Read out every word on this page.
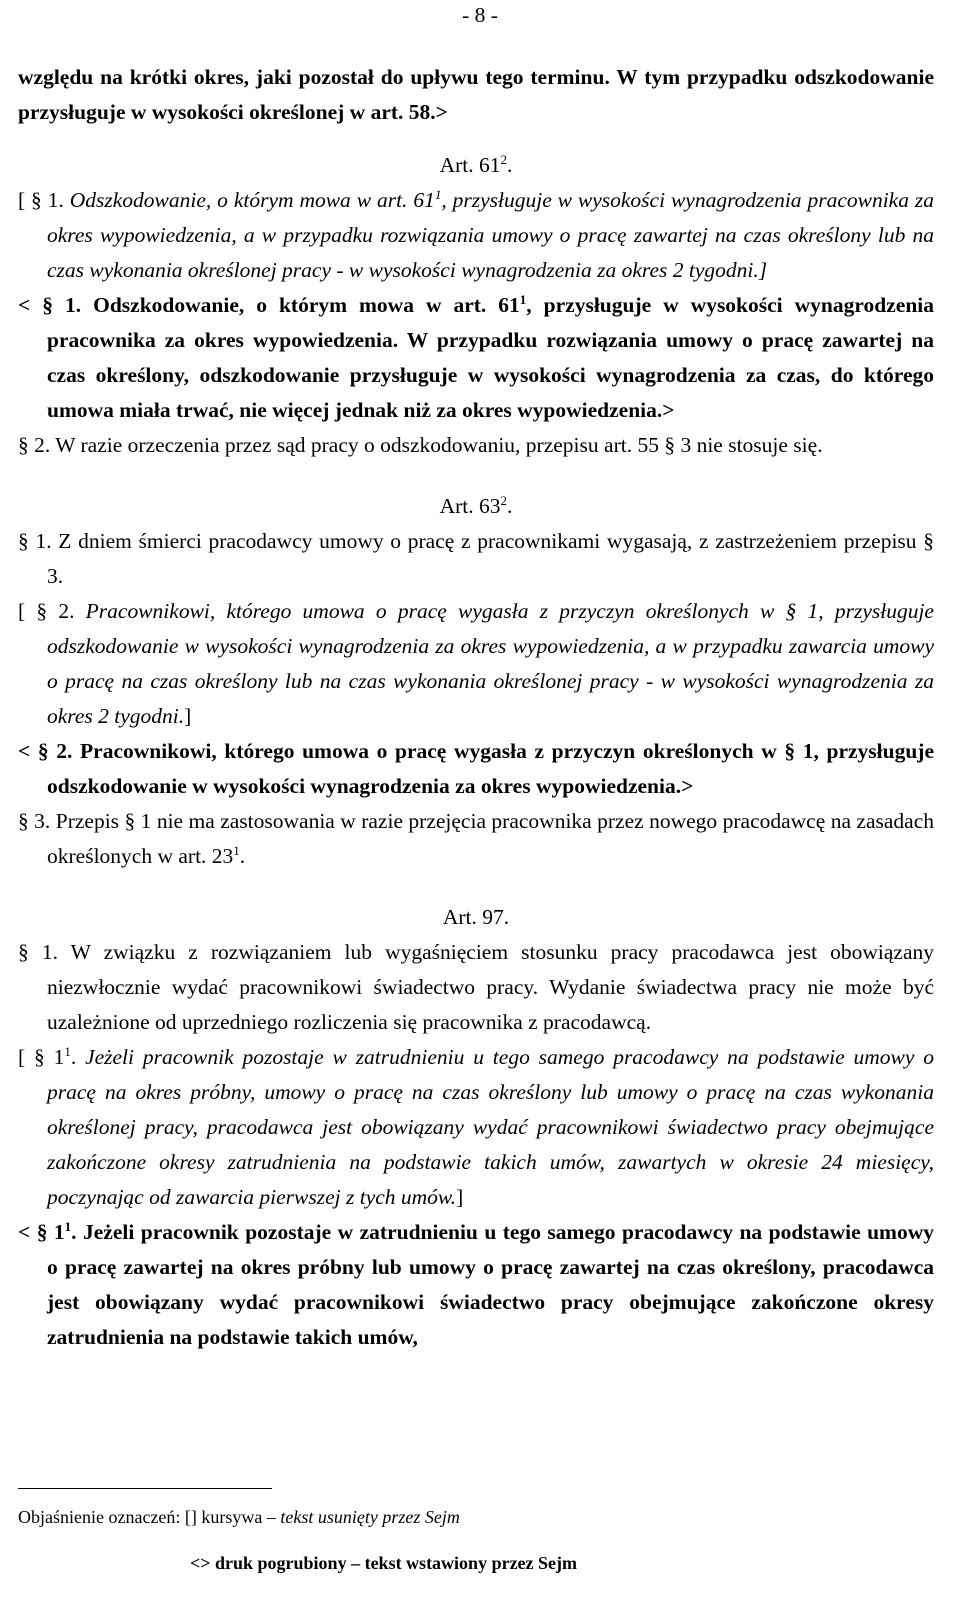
- 8 -

względu na krótki okres, jaki pozostał do upływu tego terminu. W tym przypadku odszkodowanie przysługuje w wysokości określonej w art. 58.>

Art. $61^2$.

[ § 1. Odszkodowanie, o którym mowa w art. $61^1$, przysługuje w wysokości wynagrodzenia pracownika za okres wypowiedzenia, a w przypadku rozwiązania umowy o pracę zawartej na czas określony lub na czas wykonania określonej pracy - w wysokości wynagrodzenia za okres 2 tygodni.]

< § 1. Odszkodowanie, o którym mowa w art. $61^1$, przysługuje w wysokości wynagrodzenia pracownika za okres wypowiedzenia. W przypadku rozwiązania umowy o pracę zawartej na czas określony, odszkodowanie przysługuje w wysokości wynagrodzenia za czas, do którego umowa miała trwać, nie więcej jednak niż za okres wypowiedzenia.>

§ 2. W razie orzeczenia przez sąd pracy o odszkodowaniu, przepisu art. 55 § 3 nie stosuje się.

Art. $63^2$.

§ 1. Z dniem śmierci pracodawcy umowy o pracę z pracownikami wygasają, z zastrzeżeniem przepisu § 3.

[ § 2. Pracownikowi, którego umowa o pracę wygasła z przyczyn określonych w § 1, przysługuje odszkodowanie w wysokości wynagrodzenia za okres wypowiedzenia, a w przypadku zawarcia umowy o pracę na czas określony lub na czas wykonania określonej pracy - w wysokości wynagrodzenia za okres 2 tygodni.]

< § 2. Pracownikowi, którego umowa o pracę wygasła z przyczyn określonych w § 1, przysługuje odszkodowanie w wysokości wynagrodzenia za okres wypowiedzenia.>

§ 3. Przepis § 1 nie ma zastosowania w razie przejęcia pracownika przez nowego pracodawcę na zasadach określonych w art. $23^1$.

Art. 97.

§ 1. W związku z rozwiązaniem lub wygaśnięciem stosunku pracy pracodawca jest obowiązany niezwłocznie wydać pracownikowi świadectwo pracy. Wydanie świadectwa pracy nie może być uzależnione od uprzedniego rozliczenia się pracownika z pracodawcą.

[ § $1^1$. Jeżeli pracownik pozostaje w zatrudnieniu u tego samego pracodawcy na podstawie umowy o pracę na okres próbny, umowy o pracę na czas określony lub umowy o pracę na czas wykonania określonej pracy, pracodawca jest obowiązany wydać pracownikowi świadectwo pracy obejmujące zakończone okresy zatrudnienia na podstawie takich umów, zawartych w okresie 24 miesięcy, poczynając od zawarcia pierwszej z tych umów.]

< § $1^1$. Jeżeli pracownik pozostaje w zatrudnieniu u tego samego pracodawcy na podstawie umowy o pracę zawartej na okres próbny lub umowy o pracę zawartej na czas określony, pracodawca jest obowiązany wydać pracownikowi świadectwo pracy obejmujące zakończone okresy zatrudnienia na podstawie takich umów,

Objaśnienie oznaczeń: [] kursywa – tekst usunięty przez Sejm
<> druk pogrubiony – tekst wstawiony przez Sejm
